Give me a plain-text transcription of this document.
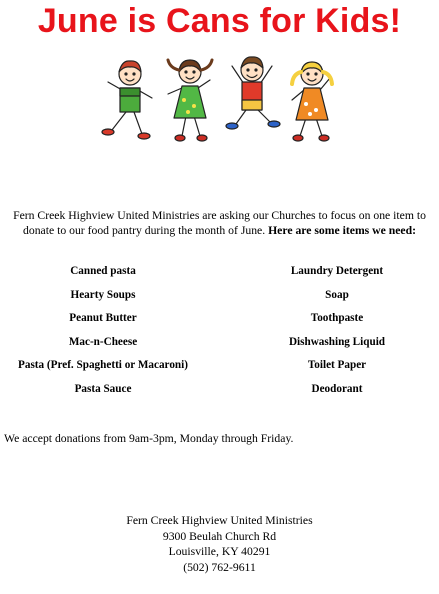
June is Cans for Kids!
Fern Creek Highview United Ministries are asking our Churches to focus on one item to donate to our food pantry during the month of June. Here are some items we need:
Canned pasta
Hearty Soups
Peanut Butter
Mac-n-Cheese
Pasta (Pref. Spaghetti or Macaroni)
Pasta Sauce
Laundry Detergent
Soap
Toothpaste
Dishwashing Liquid
Toilet Paper
Deodorant
We accept donations from 9am-3pm, Monday through Friday.
Fern Creek Highview United Ministries
9300 Beulah Church Rd
Louisville, KY 40291
(502) 762-9611
